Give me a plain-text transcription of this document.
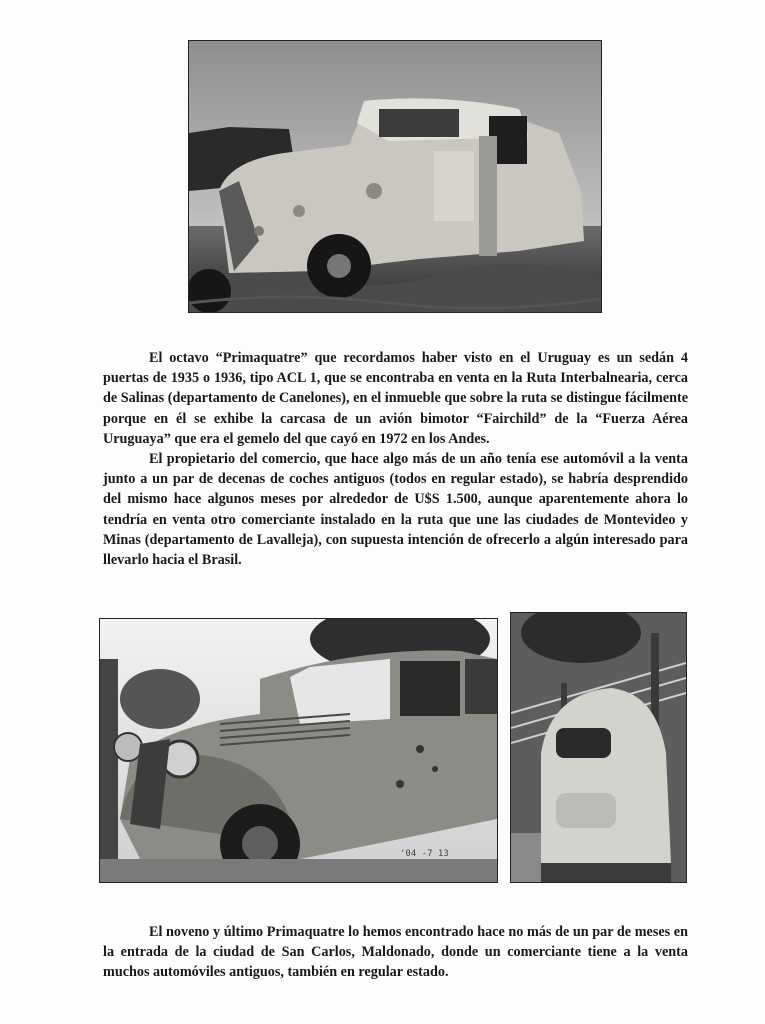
El octavo “Primaquatre” que recordamos haber visto en el Uruguay es un sedán 4 puertas de 1935 o 1936, tipo ACL 1, que se encontraba en venta en la Ruta Interbalnearia, cerca de Salinas (departamento de Canelones), en el inmueble que sobre la ruta se distingue fácilmente porque en él se exhibe la carcasa de un avión bimotor “Fairchild” de la “Fuerza Aérea Uruguaya” que era el gemelo del que cayó en 1972 en los Andes.

El propietario del comercio, que hace algo más de un año tenía ese automóvil a la venta junto a un par de decenas de coches antiguos (todos en regular estado), se habría desprendido del mismo hace algunos meses por alrededor de U$S 1.500, aunque aparentemente ahora lo tendría en venta otro comerciante instalado en la ruta que une las ciudades de Montevideo y Minas (departamento de Lavalleja), con supuesta intención de ofrecerlo a algún interesado para llevarlo hacia el Brasil.

'04 -7 13

El noveno y último Primaquatre lo hemos encontrado hace no más de un par de meses en la entrada de la ciudad de San Carlos, Maldonado, donde un comerciante tiene a la venta muchos automóviles antiguos, también en regular estado.
